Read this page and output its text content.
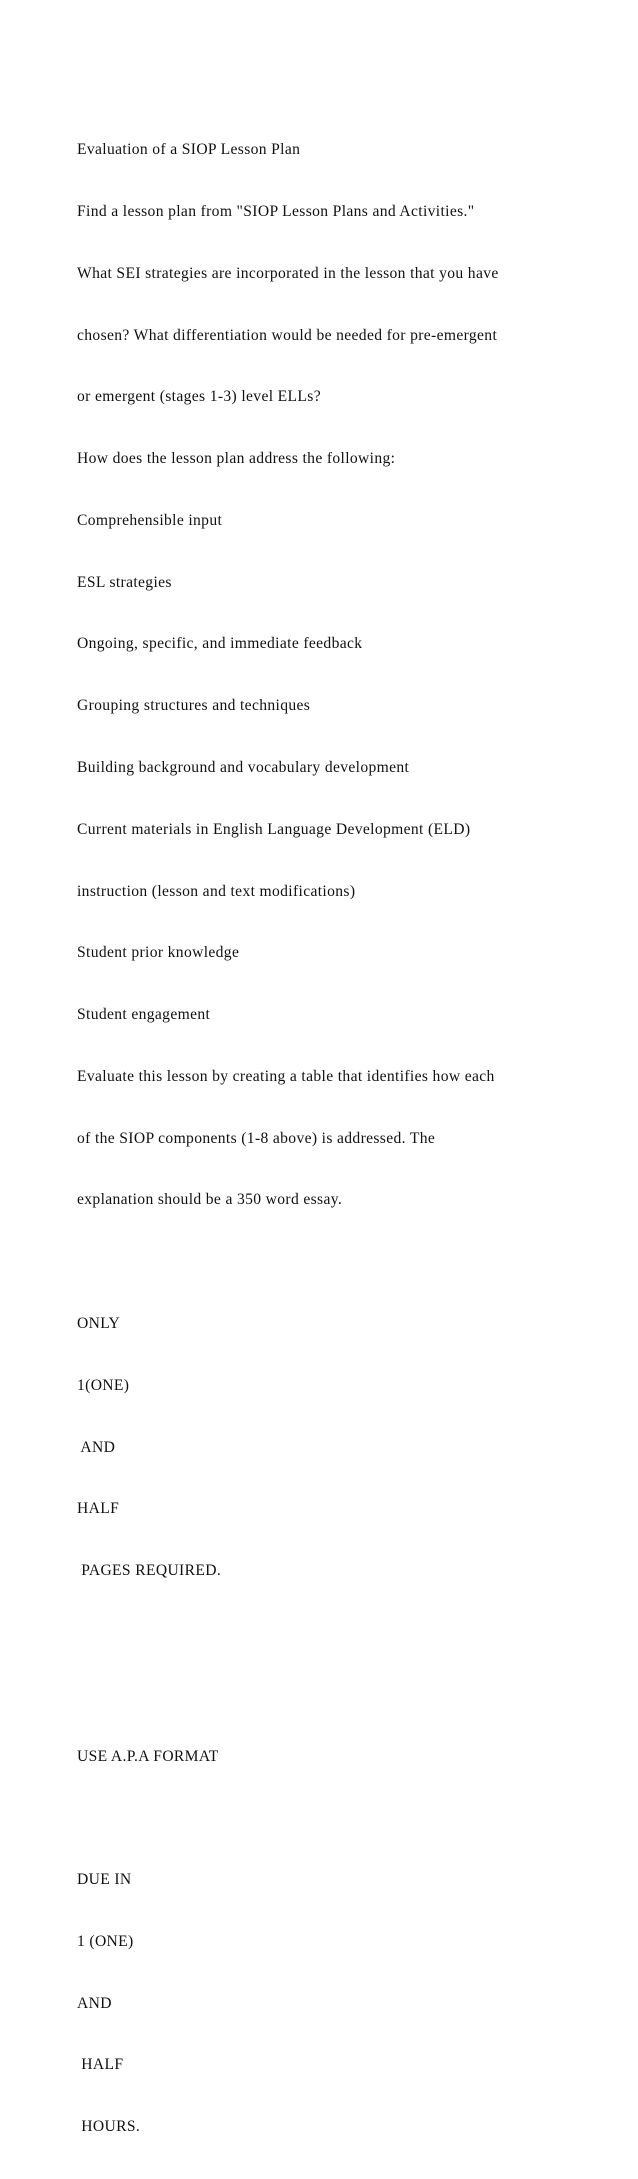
Evaluation of a SIOP Lesson Plan

Find a lesson plan from "SIOP Lesson Plans and Activities."

What SEI strategies are incorporated in the lesson that you have

chosen? What differentiation would be needed for pre-emergent

or emergent (stages 1-3) level ELLs?

How does the lesson plan address the following:

Comprehensible input

ESL strategies

Ongoing, specific, and immediate feedback

Grouping structures and techniques

Building background and vocabulary development

Current materials in English Language Development (ELD)

instruction (lesson and text modifications)

Student prior knowledge

Student engagement

Evaluate this lesson by creating a table that identifies how each

of the SIOP components (1-8 above) is addressed. The

explanation should be a 350 word essay.

ONLY

1(ONE)

AND

HALF

PAGES REQUIRED.

USE A.P.A FORMAT

DUE IN

1 (ONE)

AND

HALF

HOURS.
